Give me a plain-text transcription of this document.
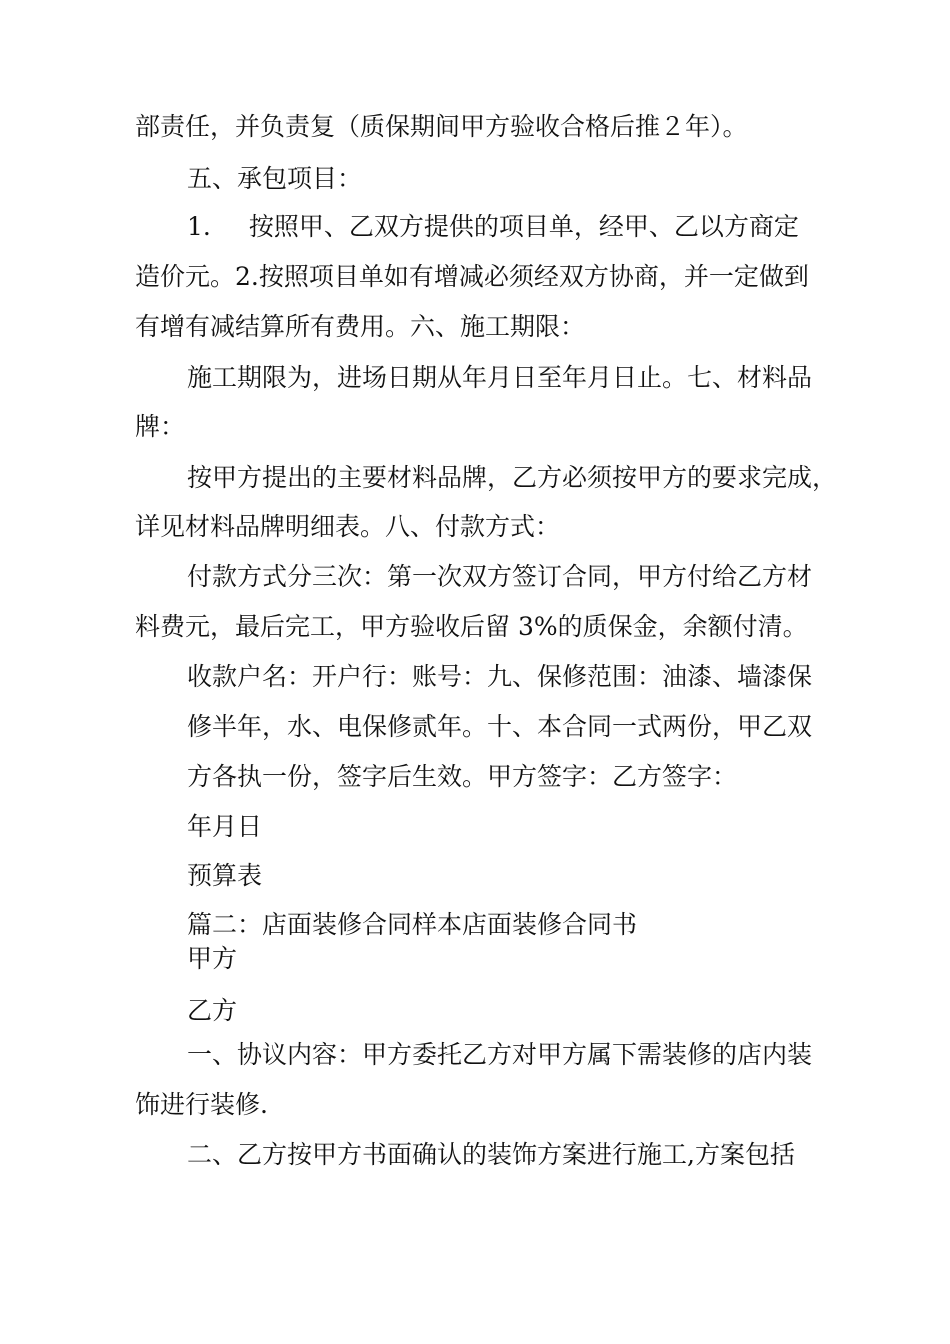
部责任，并负责复（质保期间甲方验收合格后推２年）。

五、承包项目：

1. 按照甲、乙双方提供的项目单，经甲、乙以方商定

造价元。2.按照项目单如有增减必须经双方协商，并一定做到

有增有减结算所有费用。六、施工期限：

施工期限为，进场日期从年月日至年月日止。七、材料品

牌：

按甲方提出的主要材料品牌，乙方必须按甲方的要求完成，

详见材料品牌明细表。八、付款方式：

付款方式分三次：第一次双方签订合同，甲方付给乙方材

料费元，最后完工，甲方验收后留 3%的质保金，余额付清。

收款户名：开户行：账号：九、保修范围：油漆、墙漆保

修半年，水、电保修贰年。十、本合同一式两份，甲乙双

方各执一份，签字后生效。甲方签字：乙方签字：

年月日

预算表

篇二：店面装修合同样本店面装修合同书

甲方

乙方

一、协议内容：甲方委托乙方对甲方属下需装修的店内装

饰进行装修.

二、乙方按甲方书面确认的装饰方案进行施工,方案包括
